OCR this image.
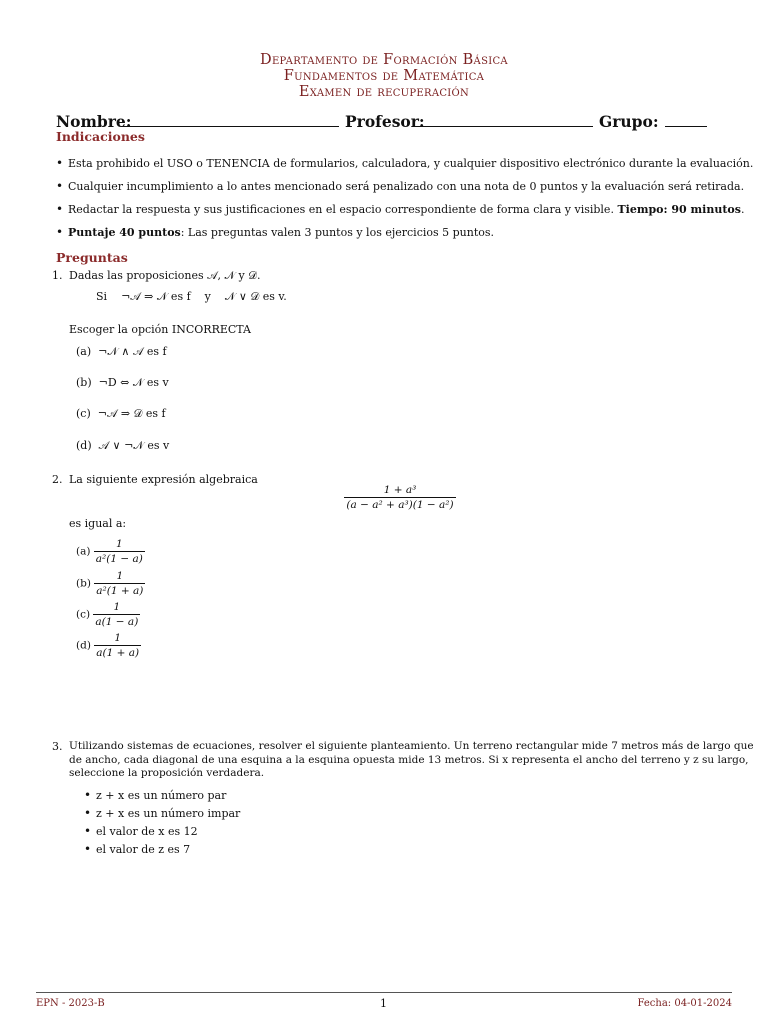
Departamento de Formación Básica
Fundamentos de Matemática
Examen de recuperación
Nombre:	Profesor:	Grupo:
Indicaciones
• Esta prohibido el USO o TENENCIA de formularios, calculadora, y cualquier dispositivo electrónico durante la evaluación.
• Cualquier incumplimiento a lo antes mencionado será penalizado con una nota de 0 puntos y la evaluación será retirada.
• Redactar la respuesta y sus justificaciones en el espacio correspondiente de forma clara y visible. Tiempo: 90 minutos.
• Puntaje 40 puntos: Las preguntas valen 3 puntos y los ejercicios 5 puntos.
Preguntas
1. Dadas las proposiciones 𝒜, 𝒩 y 𝒟.
Si ¬𝒜 ⇒ 𝒩 es f y 𝒩 ∨ 𝒟 es v.
Escoger la opción INCORRECTA
(a) ¬𝒩 ∧ 𝒜 es f
(b) ¬D ⇔ 𝒩 es v
(c) ¬𝒜 ⇒ 𝒟 es f
(d) 𝒜 ∨ ¬𝒩 es v
2. La siguiente expresión algebraica
$\frac{\text{1 + a³}}{\text{(a − a² + a³)(1 − a²)}}$
es igual a:
$(a) \frac{1}{\text{a²(1 − a)}}$
$(b) \frac{1}{\text{a²(1 + a)}}$
$(c) \frac{1}{a(1 - a)}$
$(d) \frac{1}{a(1 + a)}$
3. Utilizando sistemas de ecuaciones, resolver el siguiente planteamiento. Un terreno rectangular mide 7 metros más de largo que
de ancho, cada diagonal de una esquina a la esquina opuesta mide 13 metros. Si x representa el ancho del terreno y z su largo,
seleccione la proposición verdadera.
• z + x es un número par
• z + x es un número impar
• el valor de x es 12
• el valor de z es 7
EPN - 2023-B	1	Fecha: 04-01-2024
